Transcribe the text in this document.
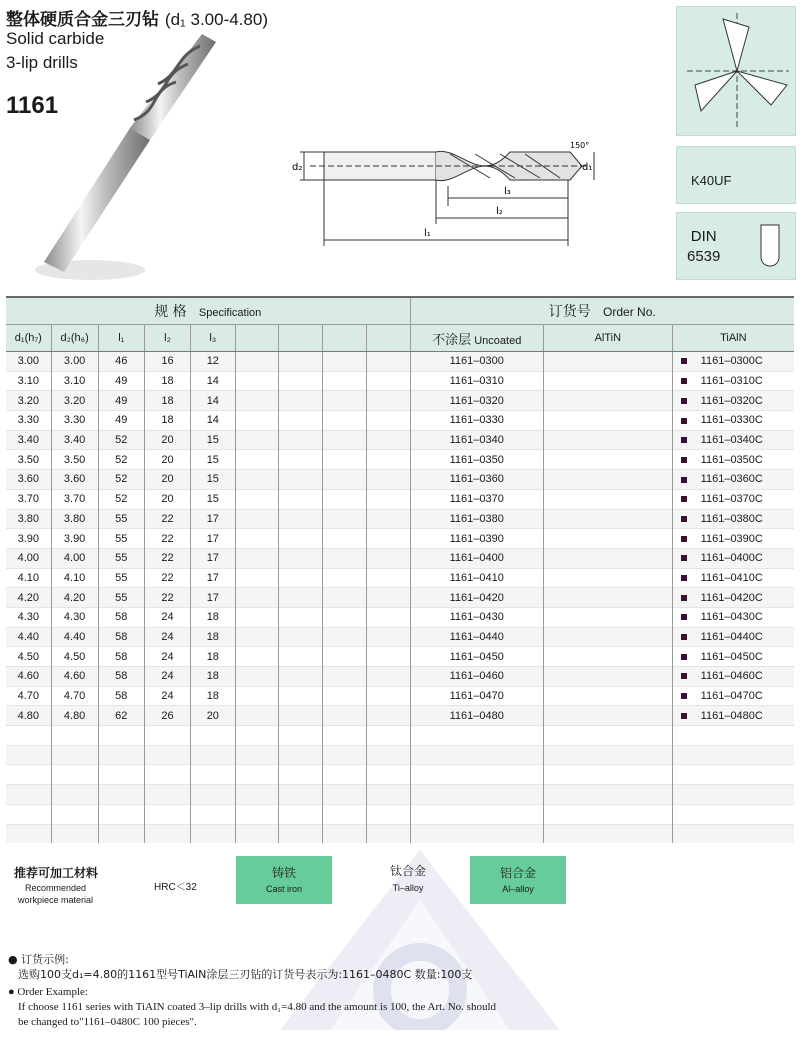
整体硬质合金三刃钻 (d₁ 3.00-4.80)
Solid carbide
3-lip drills
1161
d₂	d₁
150°
l₃
l₂
l₁
K40UF
DIN
6539
规 格 Specification									订货号 Order No.		
d₁(h₇)	d₂(h₆)	l₁	l₂	l₃					不涂层 Uncoated	AlTiN	TiAlN
3.00	3.00	46	16	12					1161–0300		1161–0300C
3.10	3.10	49	18	14					1161–0310		1161–0310C
3.20	3.20	49	18	14					1161–0320		1161–0320C
3.30	3.30	49	18	14					1161–0330		1161–0330C
3.40	3.40	52	20	15					1161–0340		1161–0340C
3.50	3.50	52	20	15					1161–0350		1161–0350C
3.60	3.60	52	20	15					1161–0360		1161–0360C
3.70	3.70	52	20	15					1161–0370		1161–0370C
3.80	3.80	55	22	17					1161–0380		1161–0380C
3.90	3.90	55	22	17					1161–0390		1161–0390C
4.00	4.00	55	22	17					1161–0400		1161–0400C
4.10	4.10	55	22	17					1161–0410		1161–0410C
4.20	4.20	55	22	17					1161–0420		1161–0420C
4.30	4.30	58	24	18					1161–0430		1161–0430C
4.40	4.40	58	24	18					1161–0440		1161–0440C
4.50	4.50	58	24	18					1161–0450		1161–0450C
4.60	4.60	58	24	18					1161–0460		1161–0460C
4.70	4.70	58	24	18					1161–0470		1161–0470C
4.80	4.80	62	26	20					1161–0480		1161–0480C

推荐可加工材料
Recommended
workpiece material
HRC＜32
铸铁
Cast iron
钛合金
Ti–alloy
铝合金
Al–alloy
● 订货示例:
选购100支d₁=4.80的1161型号TiAlN涂层三刃钻的订货号表示为:1161–0480C 数量:100支
● Order Example:
If choose 1161 series with TiAIN coated 3–lip drills with d₁=4.80 and the amount is 100, the Art. No. should
be changed to"1161–0480C 100 pieces".
